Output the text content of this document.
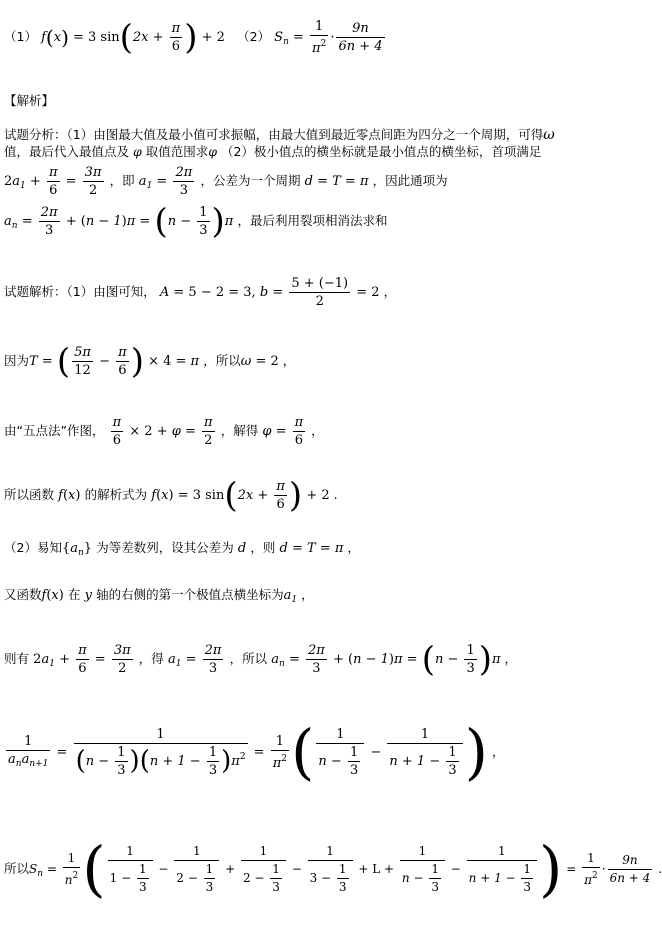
（1） f(x) = 3 $\sin(2x + \frac{\pi}{6}$ ) + 2 （2） $S_n = \frac{1}{\pi^2} \cdot \frac{9n}{6n + 4}$
【解析】
试题分析：（1）由图最大值及最小值可求振幅，由最大值到最近零点间距为四分之一个周期，可得ω
值，最后代入最值点及 φ 取值范围求φ （2）极小值点的横坐标就是最小值点的横坐标，首项满足
$2a_1 + \frac{\pi}{6} = \frac{3\pi}{2}$ ，即 $a_1 = \frac{2\pi}{3}$ ，公差为一个周期 d = T = π ，因此通项为
$a_n = \frac{2\pi}{3} + (n - 1)\pi = (n - \frac{1}{3} )\pi$ ，最后利用裂项相消法求和
试题解析：（1）由图可知， A = 5 − 2 = 3, $b = \frac{5 + (-1)}{2} = 2$ ，
因为T = ( $\frac{5\pi}{12} - \frac{\pi}{6}$ ) × 4 = π ，所以ω = 2 ，
由“五点法”作图， $\frac{\pi}{6} \times 2 + \varphi = \frac{\pi}{2}$ ，解得 $\varphi = \frac{\pi}{6}$ ，
所以函数 f(x) 的解析式为 f(x) = 3 $\sin(2x + \frac{\pi}{6}$ ) + 2 .
（2）易知$\{a_n\}$ 为等差数列，设其公差为 d ，则 d = T = π ，
又函数f(x) 在 y 轴的右侧的第一个极值点横坐标为$a_1$ ，
则有 $2a_1 + \frac{\pi}{6} = \frac{3\pi}{2}$ ，得 $a_1 = \frac{2\pi}{3}$ ，所以 $a_n = \frac{2\pi}{3} + (n - 1)\pi = (n - \frac{1}{3} )\pi$ ，
$\frac{1}{a_na_{n+1}} = \frac{1}{(n - \frac{1}{3} )(n + 1 - \frac{1}{3} )\pi^2} = \frac{1}{\pi^2}$ ( $\frac{1}{n - \frac{1}{3}} - \frac{1}{n + 1 - \frac{1}{3}}$ ) ，
所以$S_n = \frac{1}{n^2}$ ( $\frac{1}{1 - \frac{1}{3}} - \frac{1}{2 - \frac{1}{3}} + \frac{1}{2 - \frac{1}{3}} - \frac{1}{3 - \frac{1}{3}} + L + \frac{1}{n - \frac{1}{3}} - \frac{1}{n + 1 - \frac{1}{3}}$ ) = $\frac{1}{\pi^2} \cdot \frac{9n}{6n + 4}$ .
